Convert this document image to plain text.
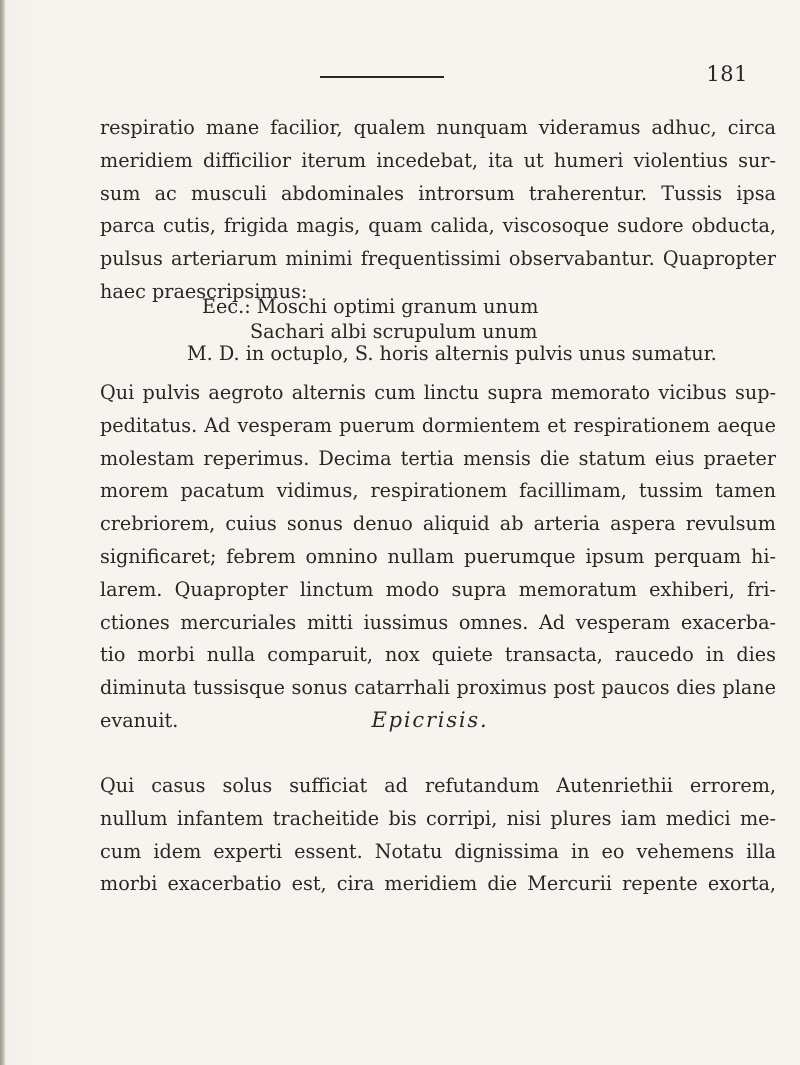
181
respiratio mane facilior, qualem nunquam videramus adhuc, circa
meridiem difficilior iterum incedebat, ita ut humeri violentius sur-
sum ac musculi abdominales introrsum traherentur. Tussis ipsa
parca cutis, frigida magis, quam calida, viscosoque sudore obducta,
pulsus arteriarum minimi frequentissimi observabantur. Quapropter
haec praescripsimus:
Eec.: Moschi optimi granum unum
Sachari albi scrupulum unum
M. D. in octuplo, S. horis alternis pulvis unus sumatur.
Qui pulvis aegroto alternis cum linctu supra memorato vicibus sup-
peditatus. Ad vesperam puerum dormientem et respirationem aeque
molestam reperimus. Decima tertia mensis die statum eius praeter
morem pacatum vidimus, respirationem facillimam, tussim tamen
crebriorem, cuius sonus denuo aliquid ab arteria aspera revulsum
significaret; febrem omnino nullam puerumque ipsum perquam hi-
larem. Quapropter linctum modo supra memoratum exhiberi, fri-
ctiones mercuriales mitti iussimus omnes. Ad vesperam exacerba-
tio morbi nulla comparuit, nox quiete transacta, raucedo in dies
diminuta tussisque sonus catarrhali proximus post paucos dies plane
evanuit.	Epicrisis.
Qui casus solus sufficiat ad refutandum Autenriethii errorem,
nullum infantem tracheitide bis corripi, nisi plures iam medici me-
cum idem experti essent. Notatu dignissima in eo vehemens illa
morbi exacerbatio est, cira meridiem die Mercurii repente exorta,
